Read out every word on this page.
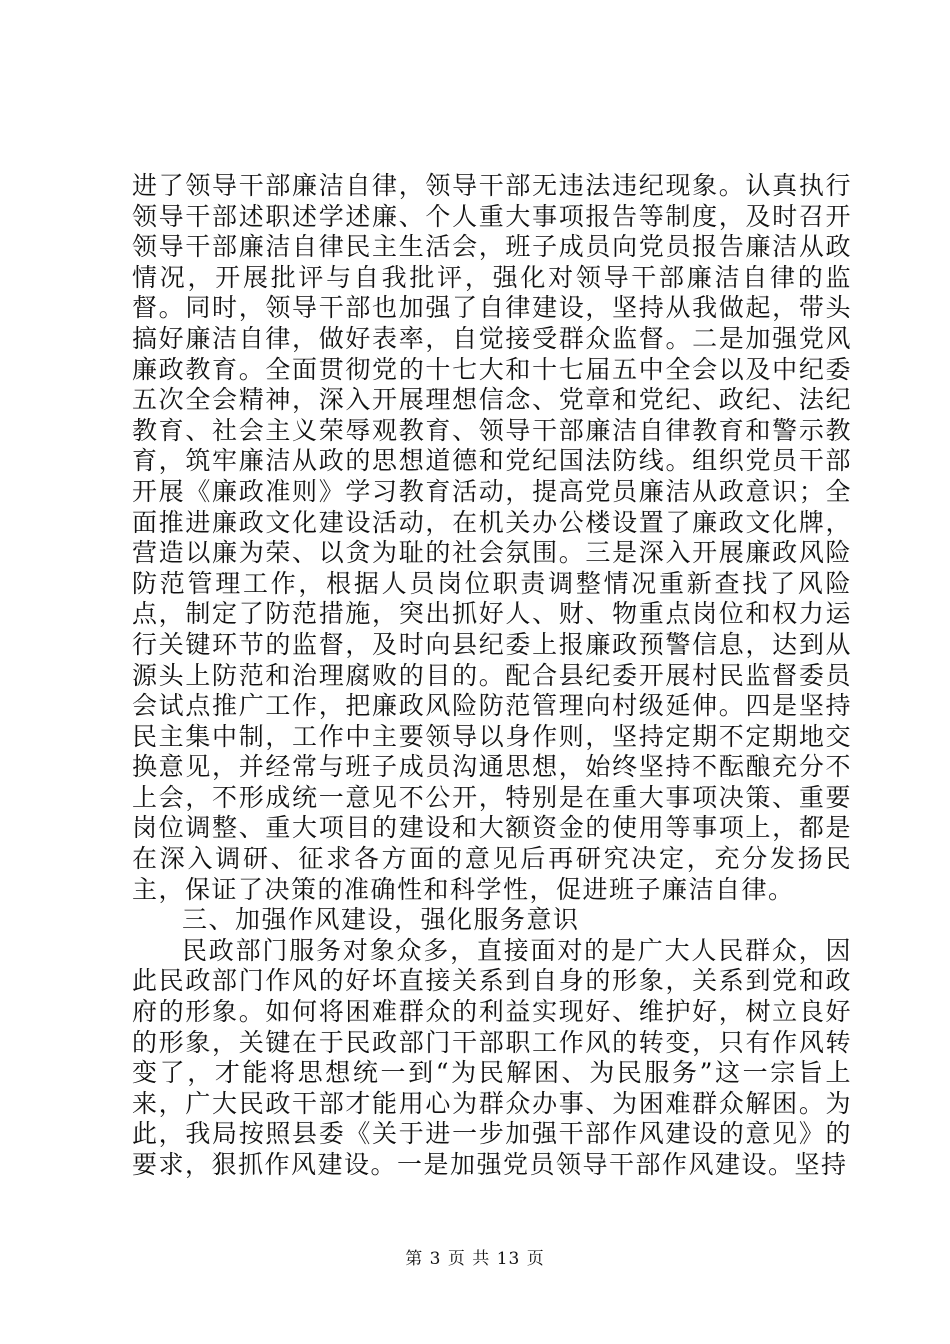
进了领导干部廉洁自律，领导干部无违法违纪现象。认真执行领导干部述职述学述廉、个人重大事项报告等制度，及时召开领导干部廉洁自律民主生活会，班子成员向党员报告廉洁从政情况，开展批评与自我批评，强化对领导干部廉洁自律的监督。同时，领导干部也加强了自律建设，坚持从我做起，带头搞好廉洁自律，做好表率，自觉接受群众监督。二是加强党风廉政教育。全面贯彻党的十七大和十七届五中全会以及中纪委五次全会精神，深入开展理想信念、党章和党纪、政纪、法纪教育、社会主义荣辱观教育、领导干部廉洁自律教育和警示教育，筑牢廉洁从政的思想道德和党纪国法防线。组织党员干部开展《廉政准则》学习教育活动，提高党员廉洁从政意识；全面推进廉政文化建设活动，在机关办公楼设置了廉政文化牌，营造以廉为荣、以贪为耻的社会氛围。三是深入开展廉政风险防范管理工作，根据人员岗位职责调整情况重新查找了风险点，制定了防范措施，突出抓好人、财、物重点岗位和权力运行关键环节的监督，及时向县纪委上报廉政预警信息，达到从源头上防范和治理腐败的目的。配合县纪委开展村民监督委员会试点推广工作，把廉政风险防范管理向村级延伸。四是坚持民主集中制，工作中主要领导以身作则，坚持定期不定期地交换意见，并经常与班子成员沟通思想，始终坚持不酝酿充分不上会，不形成统一意见不公开，特别是在重大事项决策、重要岗位调整、重大项目的建设和大额资金的使用等事项上，都是在深入调研、征求各方面的意见后再研究决定，充分发扬民主，保证了决策的准确性和科学性，促进班子廉洁自律。

三、加强作风建设，强化服务意识

民政部门服务对象众多，直接面对的是广大人民群众，因此民政部门作风的好坏直接关系到自身的形象，关系到党和政府的形象。如何将困难群众的利益实现好、维护好，树立良好的形象，关键在于民政部门干部职工作风的转变，只有作风转变了，才能将思想统一到“为民解困、为民服务”这一宗旨上来，广大民政干部才能用心为群众办事、为困难群众解困。为此，我局按照县委《关于进一步加强干部作风建设的意见》的要求，狠抓作风建设。一是加强党员领导干部作风建设。坚持

第 3 页 共 13 页
